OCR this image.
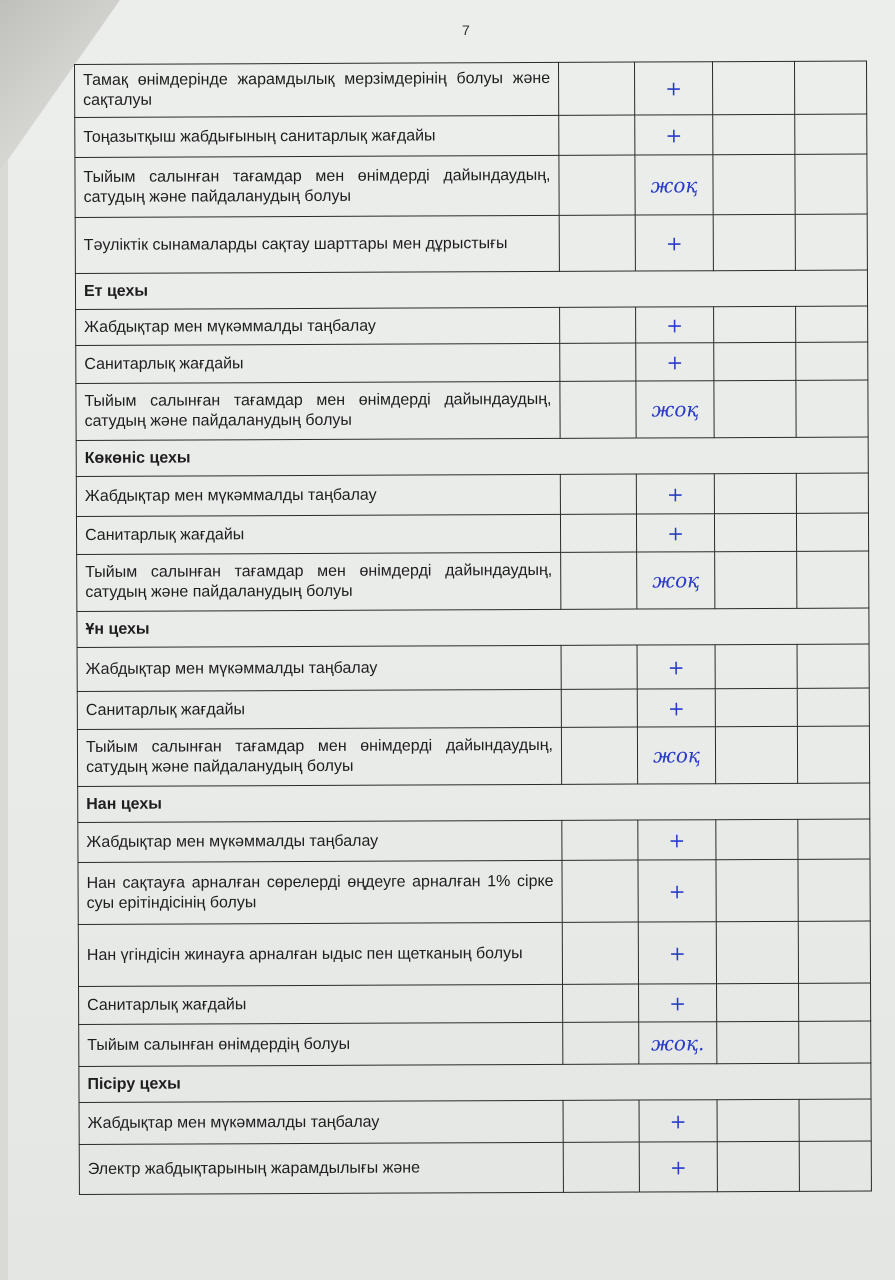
7
Тамақ өнімдерінде жарамдылық мерзімдерінің болуы және сақталуы		+		
Тоңазытқыш жабдығының санитарлық жағдайы		+		
Тыйым салынған тағамдар мен өнімдерді дайындаудың, сатудың және пайдаланудың болуы		жоқ		
Тәуліктік сынамаларды сақтау шарттары мен дұрыстығы		+		
Ет цехы				
Жабдықтар мен мүкәммалды таңбалау		+		
Санитарлық жағдайы		+		
Тыйым салынған тағамдар мен өнімдерді дайындаудың, сатудың және пайдаланудың болуы		жоқ		
Көкөніс цехы				
Жабдықтар мен мүкәммалды таңбалау		+		
Санитарлық жағдайы		+		
Тыйым салынған тағамдар мен өнімдерді дайындаудың, сатудың және пайдаланудың болуы		жоқ		
Ұн цехы				
Жабдықтар мен мүкәммалды таңбалау		+		
Санитарлық жағдайы		+		
Тыйым салынған тағамдар мен өнімдерді дайындаудың, сатудың және пайдаланудың болуы		жоқ		
Нан цехы				
Жабдықтар мен мүкәммалды таңбалау		+		
Нан сақтауға арналған сөрелерді өңдеуге арналған 1% сірке суы ерітіндісінің болуы		+		
Нан үгіндісін жинауға арналған ыдыс пен щетканың болуы		+		
Санитарлық жағдайы		+		
Тыйым салынған өнімдердің болуы		жоқ.		
Пісіру цехы				
Жабдықтар мен мүкәммалды таңбалау		+		
Электр жабдықтарының жарамдылығы және		+		
